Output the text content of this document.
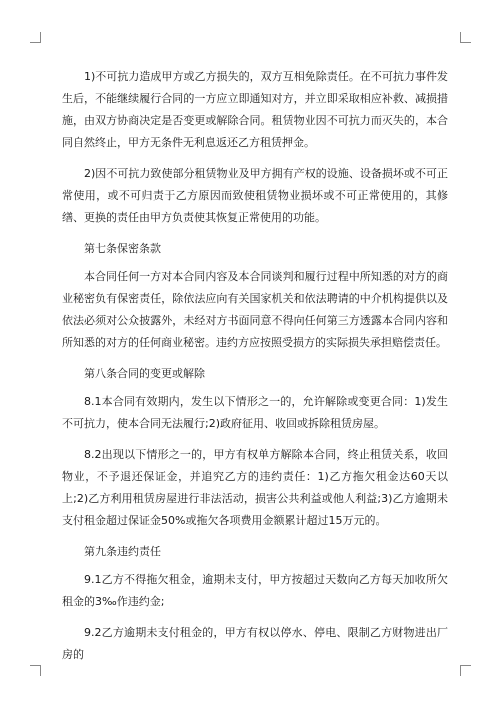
1)不可抗力造成甲方或乙方损失的，双方互相免除责任。在不可抗力事件发生后，不能继续履行合同的一方应立即通知对方，并立即采取相应补救、减损措施，由双方协商决定是否变更或解除合同。租赁物业因不可抗力而灭失的，本合同自然终止，甲方无条件无利息返还乙方租赁押金。

2)因不可抗力致使部分租赁物业及甲方拥有产权的设施、设备损坏或不可正常使用，或不可归责于乙方原因而致使租赁物业损坏或不可正常使用的，其修缮、更换的责任由甲方负责使其恢复正常使用的功能。

第七条保密条款

本合同任何一方对本合同内容及本合同谈判和履行过程中所知悉的对方的商业秘密负有保密责任，除依法应向有关国家机关和依法聘请的中介机构提供以及依法必须对公众披露外，未经对方书面同意不得向任何第三方透露本合同内容和所知悉的对方的任何商业秘密。违约方应按照受损方的实际损失承担赔偿责任。

第八条合同的变更或解除

8.1本合同有效期内，发生以下情形之一的，允许解除或变更合同：1)发生不可抗力，使本合同无法履行;2)政府征用、收回或拆除租赁房屋。

8.2出现以下情形之一的，甲方有权单方解除本合同，终止租赁关系，收回物业，不予退还保证金，并追究乙方的违约责任：1)乙方拖欠租金达60天以上;2)乙方利用租赁房屋进行非法活动，损害公共利益或他人利益;3)乙方逾期未支付租金超过保证金50%或拖欠各项费用金额累计超过15万元的。

第九条违约责任

9.1乙方不得拖欠租金，逾期未支付，甲方按超过天数向乙方每天加收所欠租金的3‰作违约金;

9.2乙方逾期未支付租金的，甲方有权以停水、停电、限制乙方财物进出厂房的
